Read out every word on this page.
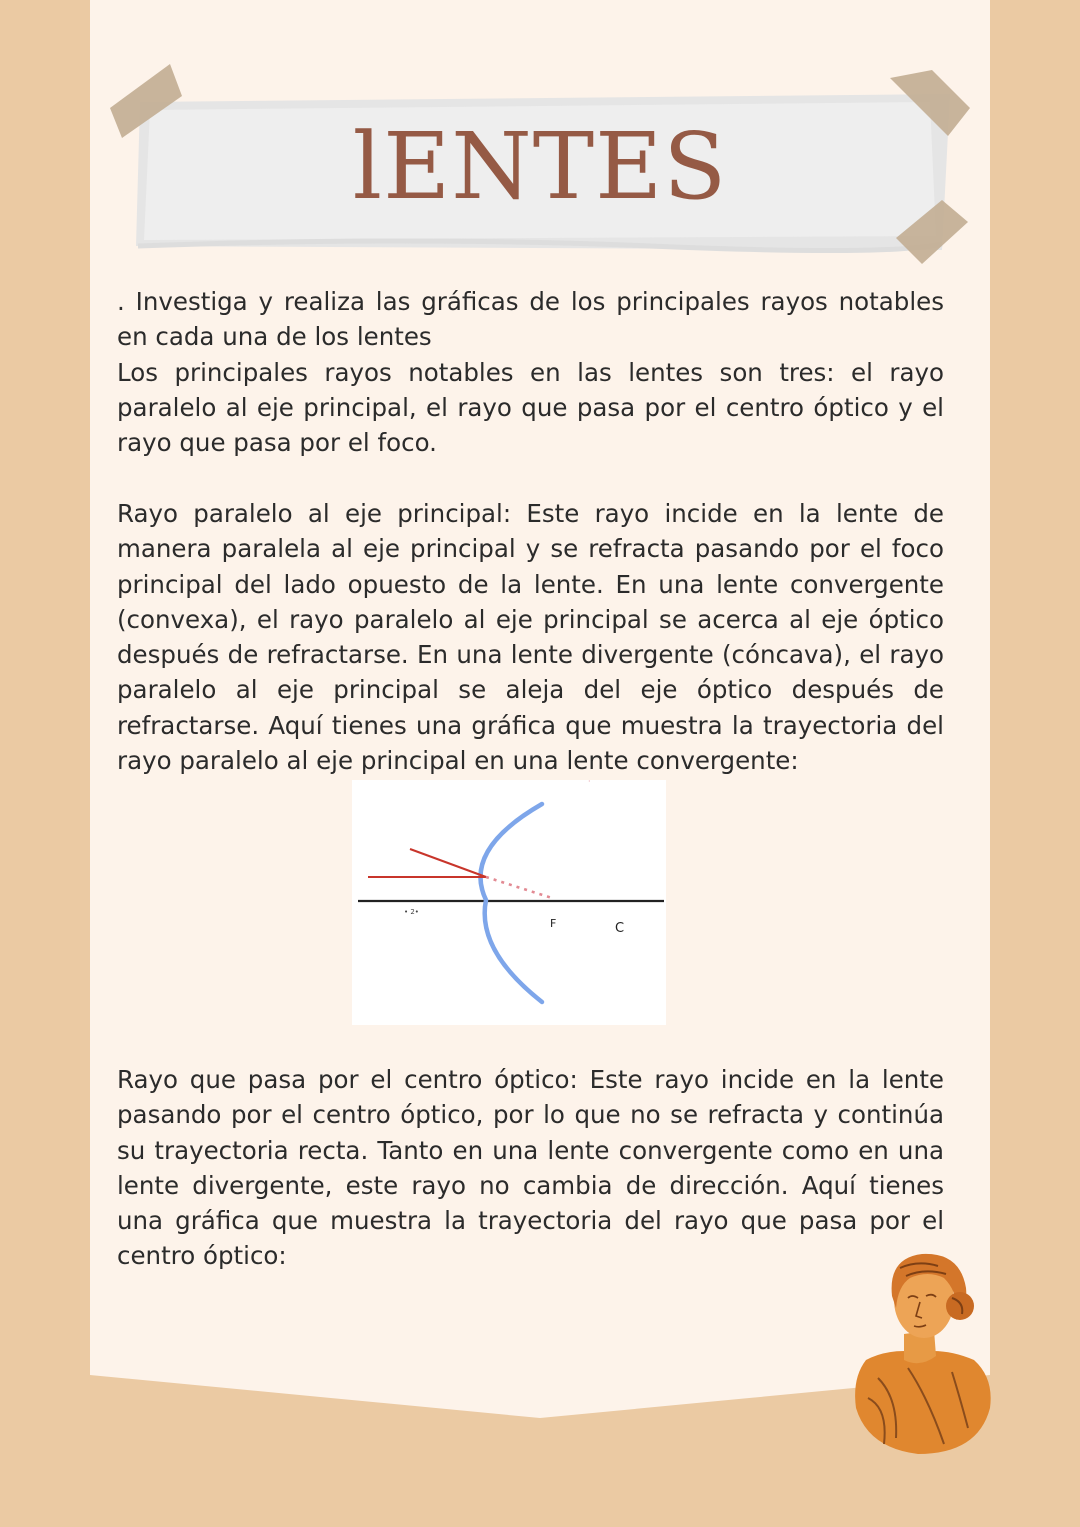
lENTES

. Investiga y realiza las gráficas de los principales rayos notables en cada una de los lentes

Los principales rayos notables en las lentes son tres: el rayo paralelo al eje principal, el rayo que pasa por el centro óptico y el rayo que pasa por el foco.

Rayo paralelo al eje principal: Este rayo incide en la lente de manera paralela al eje principal y se refracta pasando por el foco principal del lado opuesto de la lente. En una lente convergente (convexa), el rayo paralelo al eje principal se acerca al eje óptico después de refractarse. En una lente divergente (cóncava), el rayo paralelo al eje principal se aleja del eje óptico después de refractarse. Aquí tienes una gráfica que muestra la trayectoria del rayo paralelo al eje principal en una lente convergente:

·
• 2•
F	C

Rayo que pasa por el centro óptico: Este rayo incide en la lente pasando por el centro óptico, por lo que no se refracta y continúa su trayectoria recta. Tanto en una lente convergente como en una lente divergente, este rayo no cambia de dirección. Aquí tienes una gráfica que muestra la trayectoria del rayo que pasa por el centro óptico:
